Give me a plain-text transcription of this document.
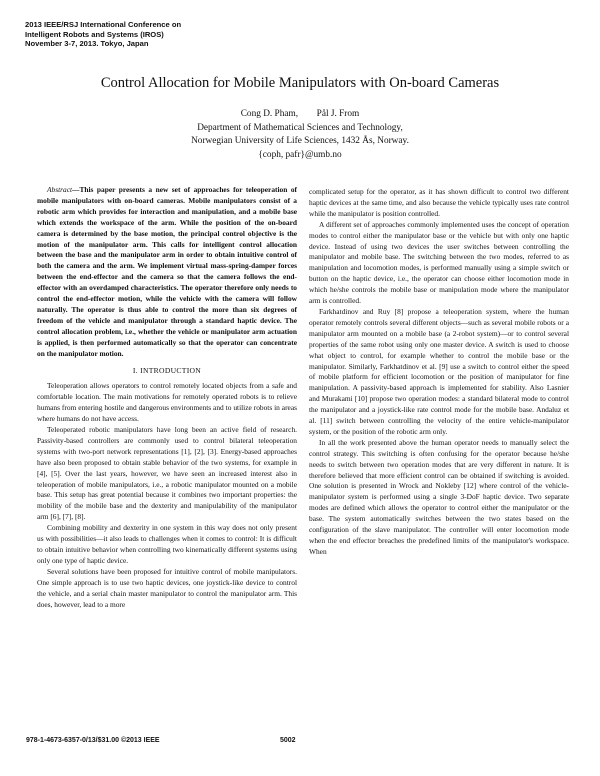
2013 IEEE/RSJ International Conference on
Intelligent Robots and Systems (IROS)
November 3-7, 2013. Tokyo, Japan
Control Allocation for Mobile Manipulators with On-board Cameras
Cong D. Pham,        Pål J. From
Department of Mathematical Sciences and Technology,
Norwegian University of Life Sciences, 1432 Ås, Norway.
{coph, pafr}@umb.no

Abstract—This paper presents a new set of approaches for teleoperation of mobile manipulators with on-board cameras. Mobile manipulators consist of a robotic arm which provides for interaction and manipulation, and a mobile base which extends the workspace of the arm. While the position of the on-board camera is determined by the base motion, the principal control objective is the motion of the manipulator arm. This calls for intelligent control allocation between the base and the manipulator arm in order to obtain intuitive control of both the camera and the arm. We implement virtual mass-spring-damper forces between the end-effector and the camera so that the camera follows the end-effector with an overdamped characteristics. The operator therefore only needs to control the end-effector motion, while the vehicle with the camera will follow naturally. The operator is thus able to control the more than six degrees of freedom of the vehicle and manipulator through a standard haptic device. The control allocation problem, i.e., whether the vehicle or manipulator arm actuation is applied, is then performed automatically so that the operator can concentrate on the manipulator motion.

I. INTRODUCTION

Teleoperation allows operators to control remotely located objects from a safe and comfortable location. The main motivations for remotely operated robots is to relieve humans from entering hostile and dangerous environments and to utilize robots in areas where humans do not have access.

Teleoperated robotic manipulators have long been an active field of research. Passivity-based controllers are commonly used to control bilateral teleoperation systems with two-port network representations [1], [2], [3]. Energy-based approaches have also been proposed to obtain stable behavior of the two systems, for example in [4], [5]. Over the last years, however, we have seen an increased interest also in teleoperation of mobile manipulators, i.e., a robotic manipulator mounted on a mobile base. This setup has great potential because it combines two important properties: the mobility of the mobile base and the dexterity and manipulability of the manipulator arm [6], [7], [8].

Combining mobility and dexterity in one system in this way does not only present us with possibilities—it also leads to challenges when it comes to control: It is difficult to obtain intuitive behavior when controlling two kinematically different systems using only one type of haptic device.

Several solutions have been proposed for intuitive control of mobile manipulators. One simple approach is to use two haptic devices, one joystick-like device to control the vehicle, and a serial chain master manipulator to control the manipulator arm. This does, however, lead to a more

complicated setup for the operator, as it has shown difficult to control two different haptic devices at the same time, and also because the vehicle typically uses rate control while the manipulator is position controlled.

A different set of approaches commonly implemented uses the concept of operation modes to control either the manipulator base or the vehicle but with only one haptic device. Instead of using two devices the user switches between controlling the manipulator and mobile base. The switching between the two modes, referred to as manipulation and locomotion modes, is performed manually using a simple switch or button on the haptic device, i.e., the operator can choose either locomotion mode in which he/she controls the mobile base or manipulation mode where the manipulator arm is controlled.

Farkhatdinov and Ruy [8] propose a teleoperation system, where the human operator remotely controls several different objects—such as several mobile robots or a manipulator arm mounted on a mobile base (a 2-robot system)—or to control several properties of the same robot using only one master device. A switch is used to choose what object to control, for example whether to control the mobile base or the manipulator. Similarly, Farkhatdinov et al. [9] use a switch to control either the speed of mobile platform for efficient locomotion or the position of manipulator for fine manipulation. A passivity-based approach is implemented for stability. Also Lasnier and Murakami [10] propose two operation modes: a standard bilateral mode to control the manipulator and a joystick-like rate control mode for the mobile base. Andaluz et al. [11] switch between controlling the velocity of the entire vehicle-manipulator system, or the position of the robotic arm only.

In all the work presented above the human operator needs to manually select the control strategy. This switching is often confusing for the operator because he/she needs to switch between two operation modes that are very different in nature. It is therefore believed that more efficient control can be obtained if switching is avoided. One solution is presented in Wrock and Nokleby [12] where control of the vehicle-manipulator system is performed using a single 3-DoF haptic device. Two separate modes are defined which allows the operator to control either the manipulator or the base. The system automatically switches between the two states based on the configuration of the slave manipulator. The controller will enter locomotion mode when the end effector breaches the predefined limits of the manipulator's workspace. When

978-1-4673-6357-0/13/$31.00 ©2013 IEEE	5002
